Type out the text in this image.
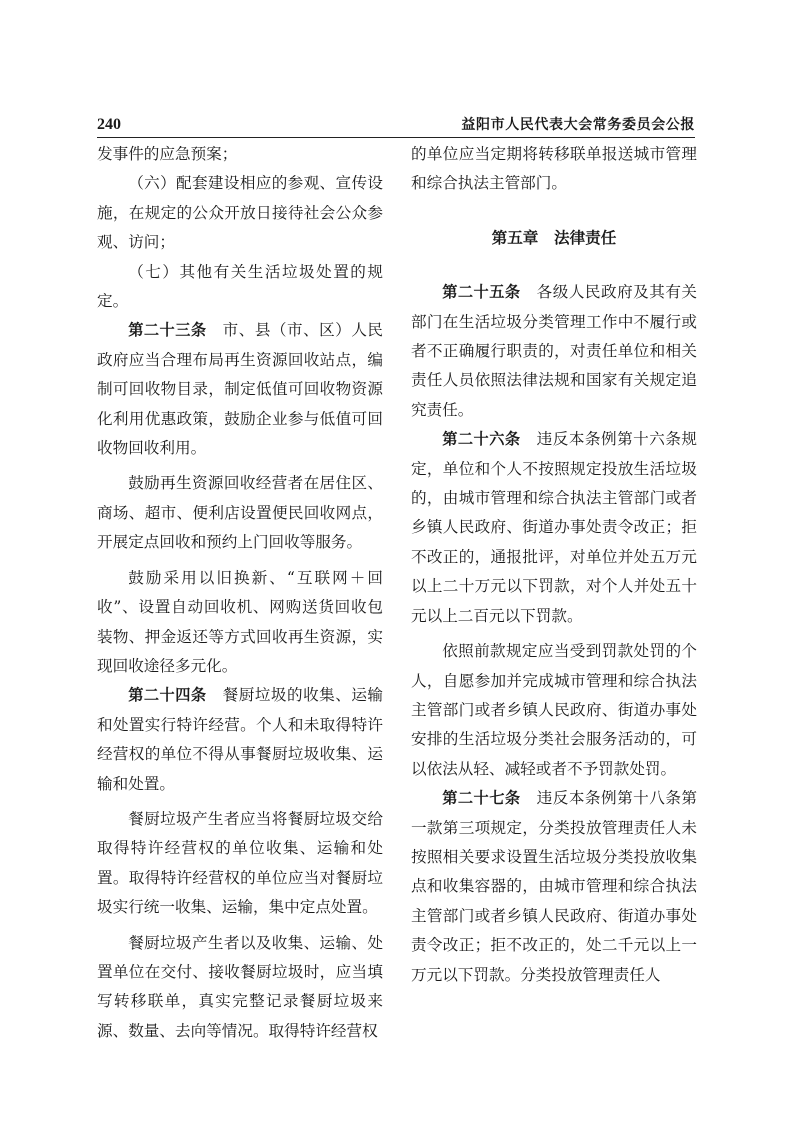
240	益阳市人民代表大会常务委员会公报

发事件的应急预案；

（六）配套建设相应的参观、宣传设施，在规定的公众开放日接待社会公众参观、访问；

（七）其他有关生活垃圾处置的规定。

第二十三条　市、县（市、区）人民政府应当合理布局再生资源回收站点，编制可回收物目录，制定低值可回收物资源化利用优惠政策，鼓励企业参与低值可回收物回收利用。

鼓励再生资源回收经营者在居住区、商场、超市、便利店设置便民回收网点，开展定点回收和预约上门回收等服务。

鼓励采用以旧换新、“互联网＋回收”、设置自动回收机、网购送货回收包装物、押金返还等方式回收再生资源，实现回收途径多元化。

第二十四条　餐厨垃圾的收集、运输和处置实行特许经营。个人和未取得特许经营权的单位不得从事餐厨垃圾收集、运输和处置。

餐厨垃圾产生者应当将餐厨垃圾交给取得特许经营权的单位收集、运输和处置。取得特许经营权的单位应当对餐厨垃圾实行统一收集、运输，集中定点处置。

餐厨垃圾产生者以及收集、运输、处置单位在交付、接收餐厨垃圾时，应当填写转移联单，真实完整记录餐厨垃圾来源、数量、去向等情况。取得特许经营权

的单位应当定期将转移联单报送城市管理和综合执法主管部门。

第五章　法律责任

第二十五条　各级人民政府及其有关部门在生活垃圾分类管理工作中不履行或者不正确履行职责的，对责任单位和相关责任人员依照法律法规和国家有关规定追究责任。

第二十六条　违反本条例第十六条规定，单位和个人不按照规定投放生活垃圾的，由城市管理和综合执法主管部门或者乡镇人民政府、街道办事处责令改正；拒不改正的，通报批评，对单位并处五万元以上二十万元以下罚款，对个人并处五十元以上二百元以下罚款。

依照前款规定应当受到罚款处罚的个人，自愿参加并完成城市管理和综合执法主管部门或者乡镇人民政府、街道办事处安排的生活垃圾分类社会服务活动的，可以依法从轻、减轻或者不予罚款处罚。

第二十七条　违反本条例第十八条第一款第三项规定，分类投放管理责任人未按照相关要求设置生活垃圾分类投放收集点和收集容器的，由城市管理和综合执法主管部门或者乡镇人民政府、街道办事处责令改正；拒不改正的，处二千元以上一万元以下罚款。分类投放管理责任人
